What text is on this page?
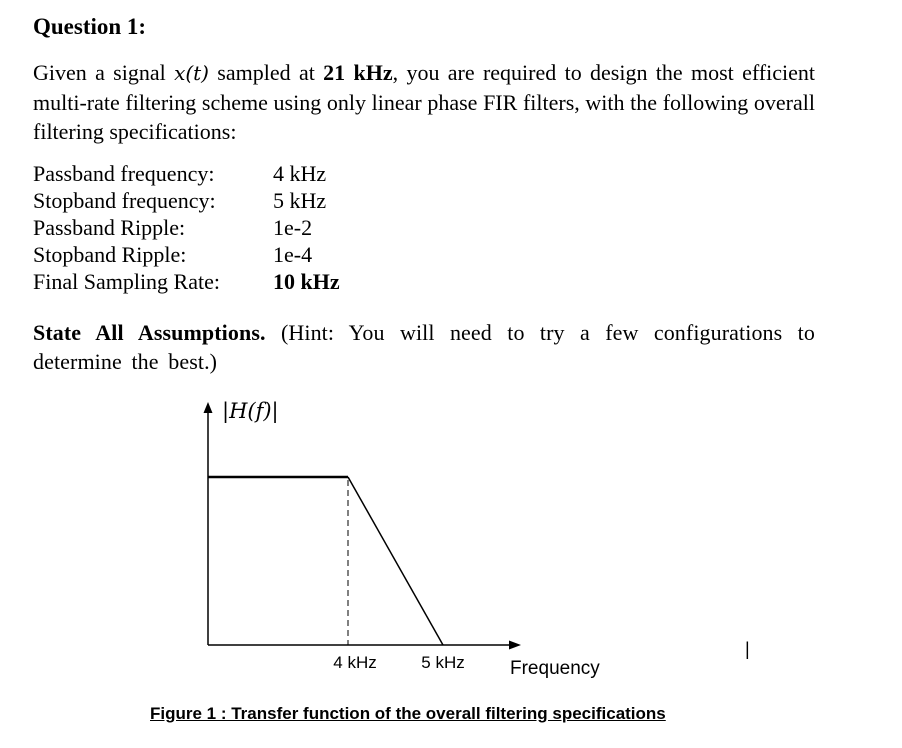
Question 1:

Given a signal x(t) sampled at 21 kHz, you are required to design the most efficient multi-rate filtering scheme using only linear phase FIR filters, with the following overall filtering specifications:

Passband frequency:	4 kHz
Stopband frequency:	5 kHz
Passband Ripple:	1e-2
Stopband Ripple:	1e-4
Final Sampling Rate:	10 kHz

State All Assumptions. (Hint: You will need to try a few configurations to determine the best.)

|H(f)|
4 kHz	5 kHz Frequency
|

Figure 1 : Transfer function of the overall filtering specifications
